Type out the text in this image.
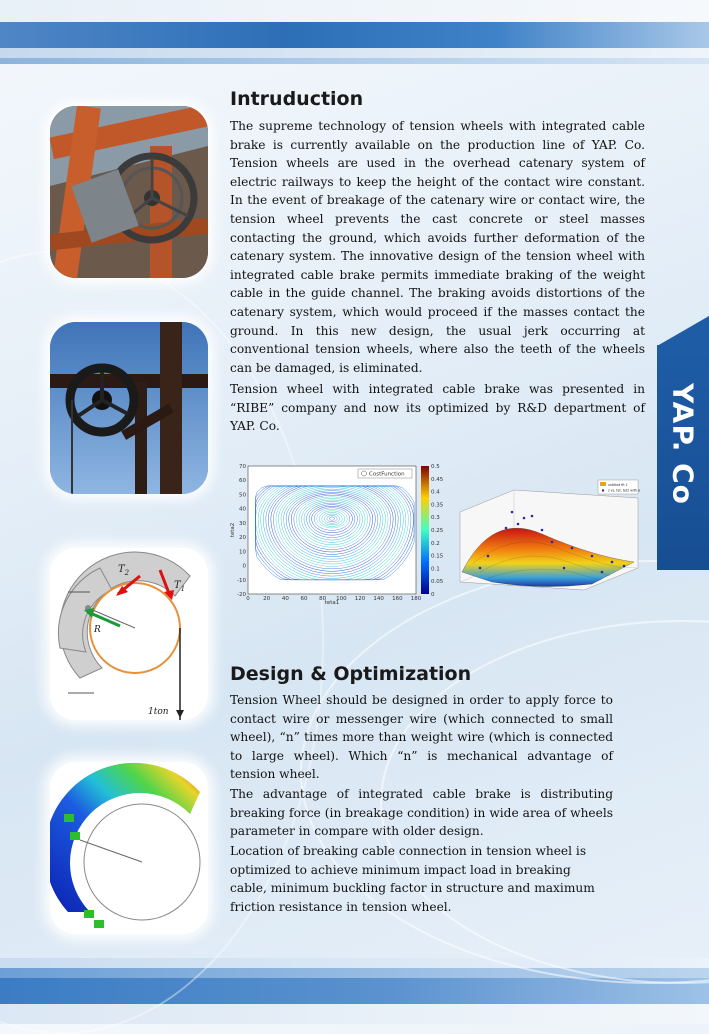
YAP. Co
$T_2$
$T_1$
R
1ton
Intruduction

The supreme technology of tension wheels with integrated cable brake is currently available on the production line of YAP. Co. Tension wheels are used in the overhead catenary system of electric railways to keep the height of the contact wire constant. In the event of breakage of the catenary wire or contact wire, the tension wheel prevents the cast concrete or steel masses contacting the ground, which avoids further deformation of the catenary system. The innovative design of the tension wheel with integrated cable brake permits immediate braking of the weight cable in the guide channel. The braking avoids distortions of the catenary system, which would proceed if the masses contact the ground. In this new design, the usual jerk occurring at conventional tension wheels, where also the teeth of the wheels can be damaged, is eliminated.

Tension wheel with integrated cable brake was presented in “RIBE” company and now its optimized by R&D department of YAP. Co.

0 20 40 60 80 100 120 140 160 180
70
60
50
40
30
20
10
0
-10
-20
CostFunction
0.5
0.45
0.4
0.35
0.3
0.25
0.2
0.15
0.1
0.05
0
teta1
teta2
untitled fit 1
z vs. tet, tet2 with w
Design & Optimization

Tension Wheel should be designed in order to apply force to contact wire or messenger wire (which connected to small wheel), “n” times more than weight wire (which is connected to large wheel). Which “n” is mechanical advantage of tension wheel.

The advantage of integrated cable brake is distributing breaking force (in breakage condition) in wide area of wheels parameter in compare with older design.

Location of breaking cable connection in tension wheel is optimized to achieve minimum impact load in breaking cable, minimum buckling factor in structure and maximum friction resistance in tension wheel.
